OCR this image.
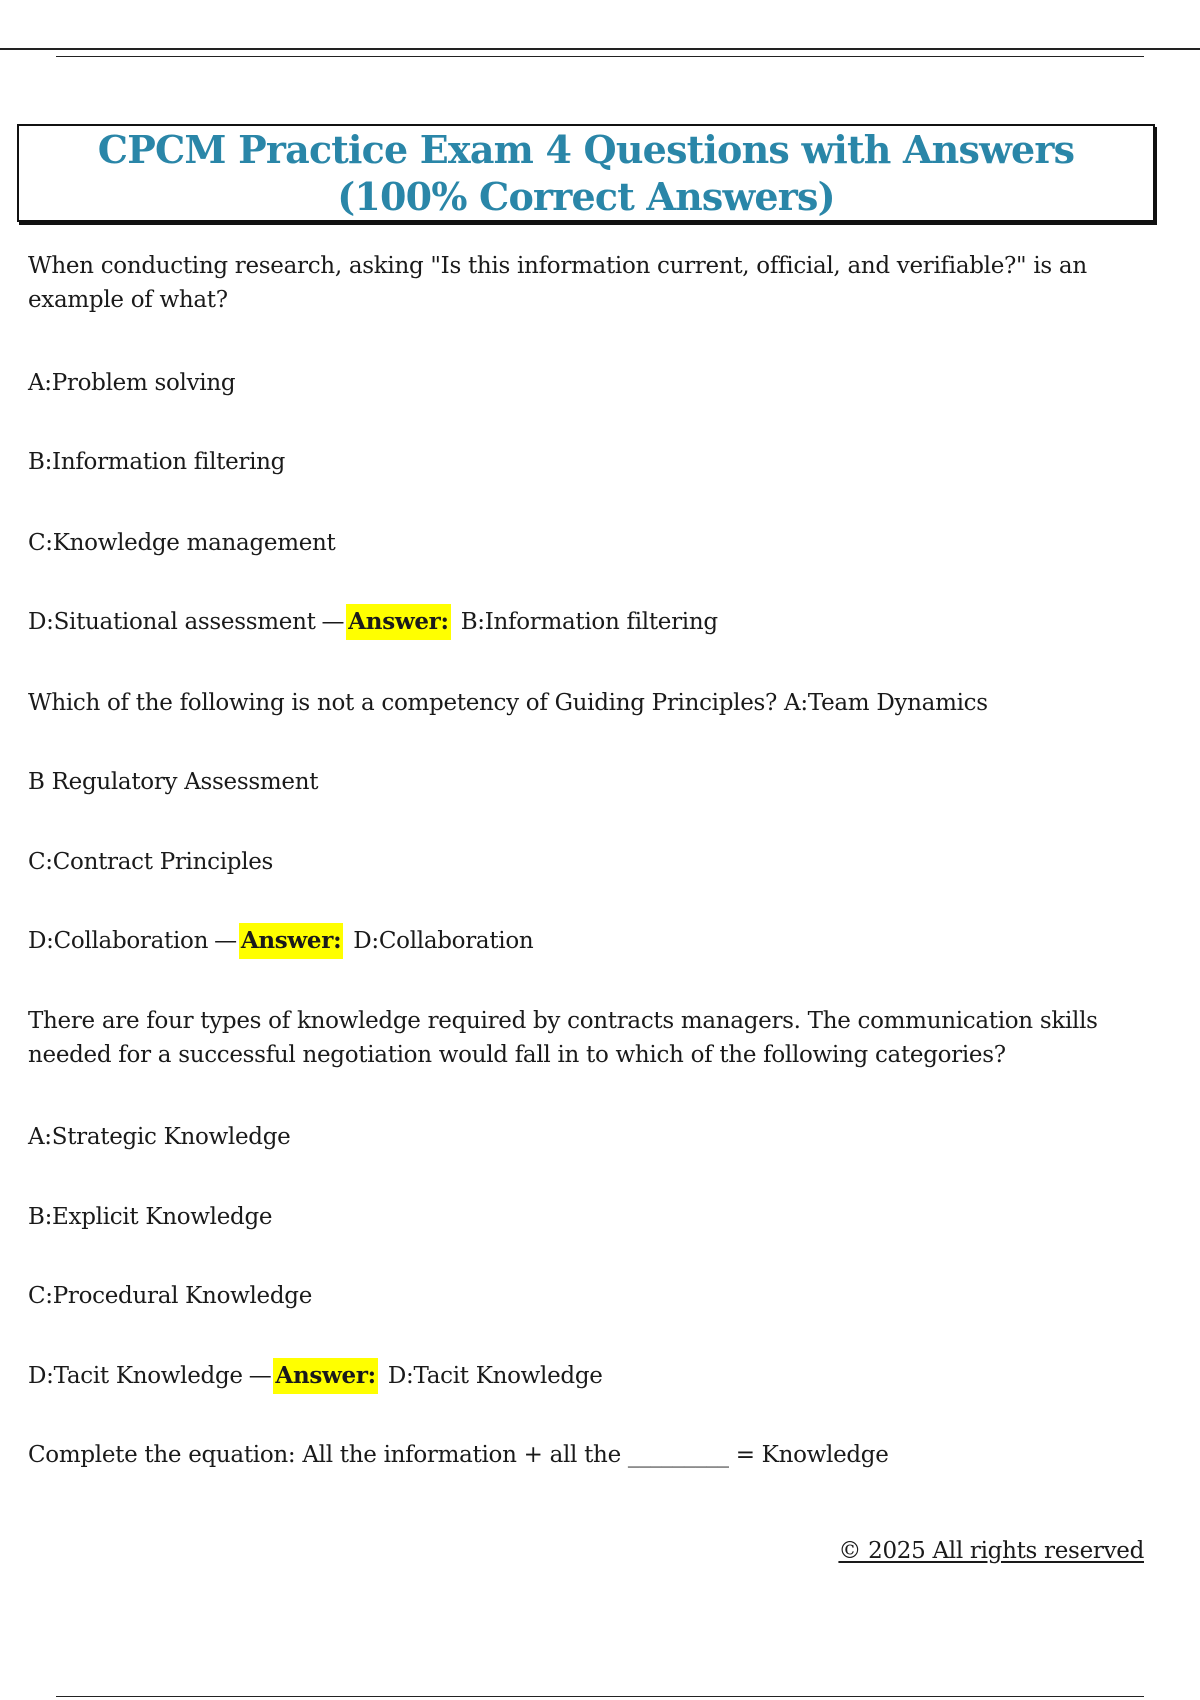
CPCM Practice Exam 4 Questions with Answers (100% Correct Answers)
When conducting research, asking "Is this information current, official, and verifiable?" is an example of what?
A:Problem solving
B:Information filtering
C:Knowledge management
D:Situational assessment — Answer: B:Information filtering
Which of the following is not a competency of Guiding Principles? A:Team Dynamics
B Regulatory Assessment
C:Contract Principles
D:Collaboration — Answer: D:Collaboration
There are four types of knowledge required by contracts managers. The communication skills needed for a successful negotiation would fall in to which of the following categories?
A:Strategic Knowledge
B:Explicit Knowledge
C:Procedural Knowledge
D:Tacit Knowledge — Answer: D:Tacit Knowledge
Complete the equation: All the information + all the _________ = Knowledge
© 2025 All rights reserved
